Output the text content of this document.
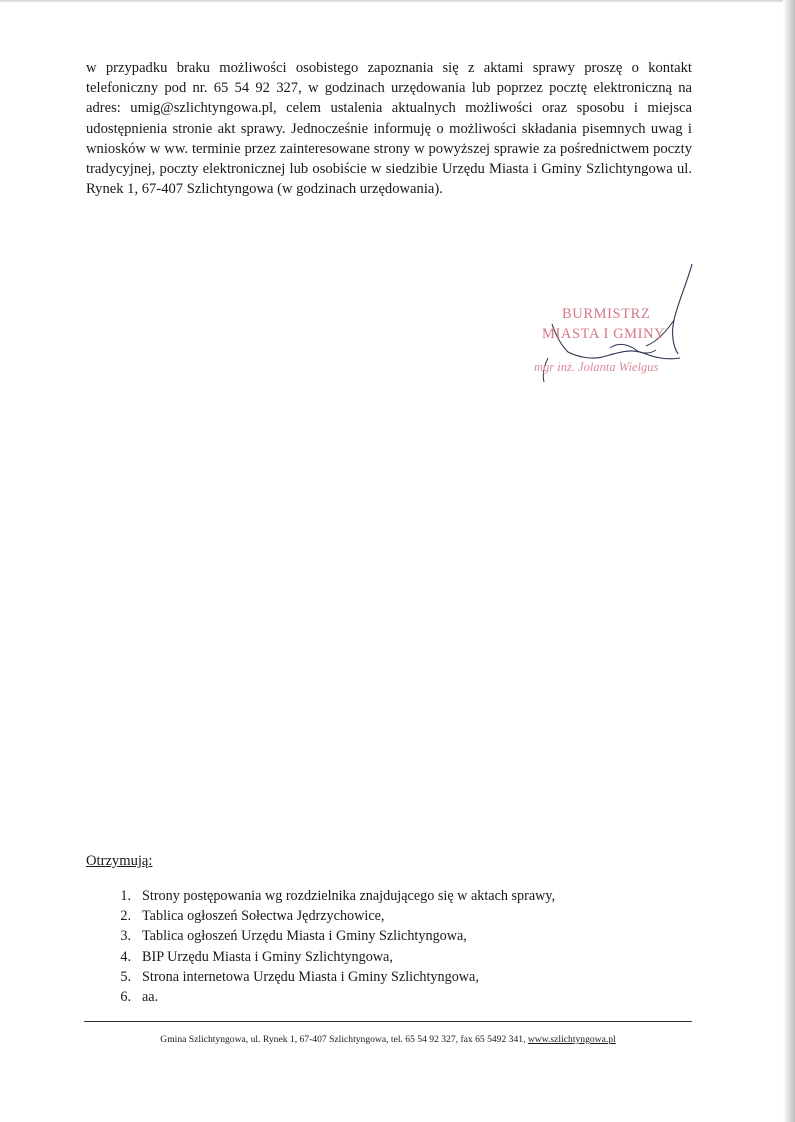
w przypadku braku możliwości osobistego zapoznania się z aktami sprawy proszę o kontakt telefoniczny pod nr. 65 54 92 327, w godzinach urzędowania lub poprzez pocztę elektroniczną na adres: umig@szlichtyngowa.pl, celem ustalenia aktualnych możliwości oraz sposobu i miejsca udostępnienia stronie akt sprawy. Jednocześnie informuję o możliwości składania pisemnych uwag i wniosków w ww. terminie przez zainteresowane strony w powyższej sprawie za pośrednictwem poczty tradycyjnej, poczty elektronicznej lub osobiście w siedzibie Urzędu Miasta i Gminy Szlichtyngowa ul. Rynek 1, 67-407 Szlichtyngowa (w godzinach urzędowania).

BURMISTRZ
MIASTA I GMINY
mgr inż. Jolanta Wielgus

Otrzymują:

1. Strony postępowania wg rozdzielnika znajdującego się w aktach sprawy,
2. Tablica ogłoszeń Sołectwa Jędrzychowice,
3. Tablica ogłoszeń Urzędu Miasta i Gminy Szlichtyngowa,
4. BIP Urzędu Miasta i Gminy Szlichtyngowa,
5. Strona internetowa Urzędu Miasta i Gminy Szlichtyngowa,
6. aa.
Gmina Szlichtyngowa, ul. Rynek 1, 67-407 Szlichtyngowa, tel. 65 54 92 327, fax 65 5492 341, www.szlichtyngowa.pl
